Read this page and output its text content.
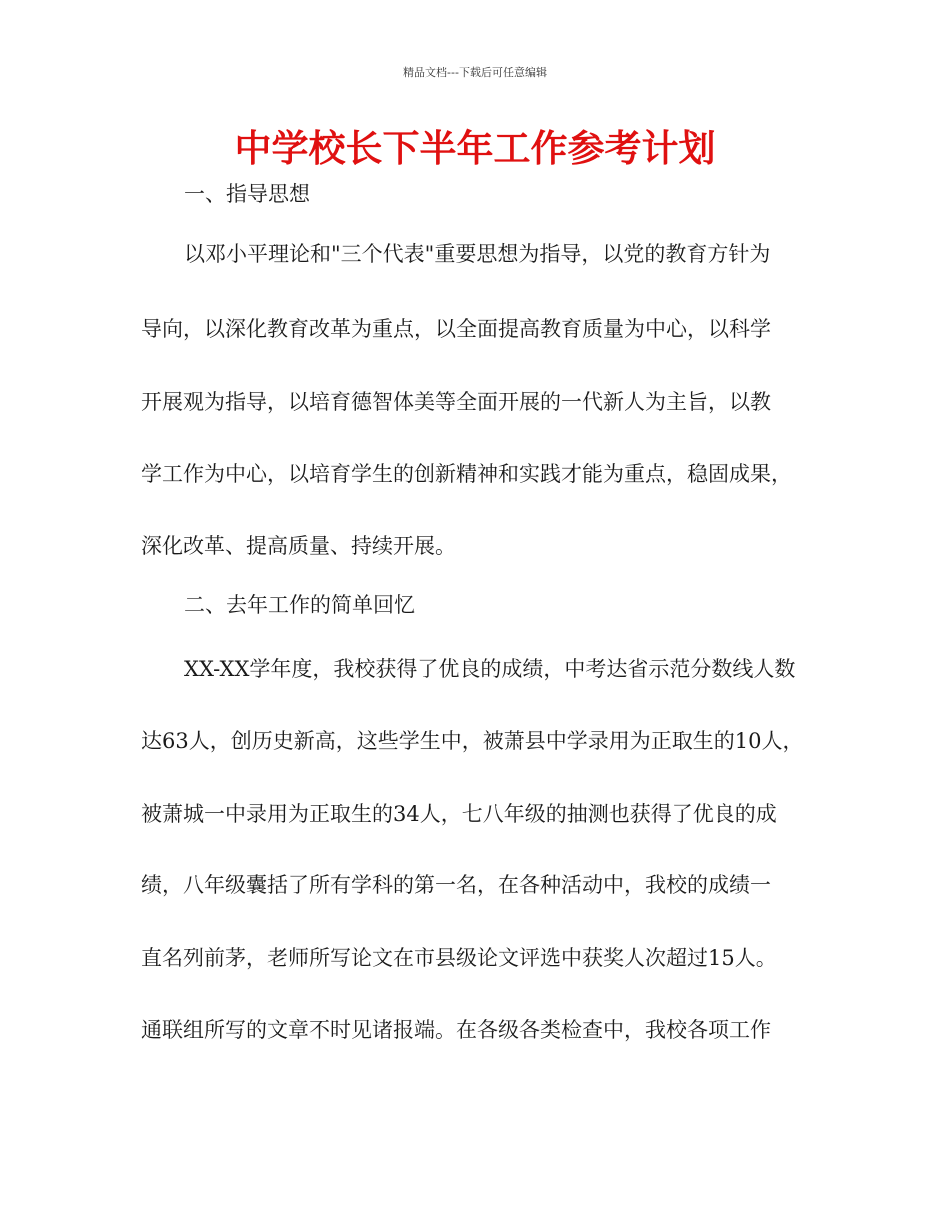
精品文档---下载后可任意编辑
中学校长下半年工作参考计划
一、指导思想
以邓小平理论和"三个代表"重要思想为指导，以党的教育方针为
导向，以深化教育改革为重点，以全面提高教育质量为中心，以科学
开展观为指导，以培育德智体美等全面开展的一代新人为主旨，以教
学工作为中心，以培育学生的创新精神和实践才能为重点，稳固成果，
深化改革、提高质量、持续开展。
二、去年工作的简单回忆
XX-XX学年度，我校获得了优良的成绩，中考达省示范分数线人数
达63人，创历史新高，这些学生中，被萧县中学录用为正取生的10人，
被萧城一中录用为正取生的34人，七八年级的抽测也获得了优良的成
绩，八年级囊括了所有学科的第一名，在各种活动中，我校的成绩一
直名列前茅，老师所写论文在市县级论文评选中获奖人次超过15人。
通联组所写的文章不时见诸报端。在各级各类检查中，我校各项工作
